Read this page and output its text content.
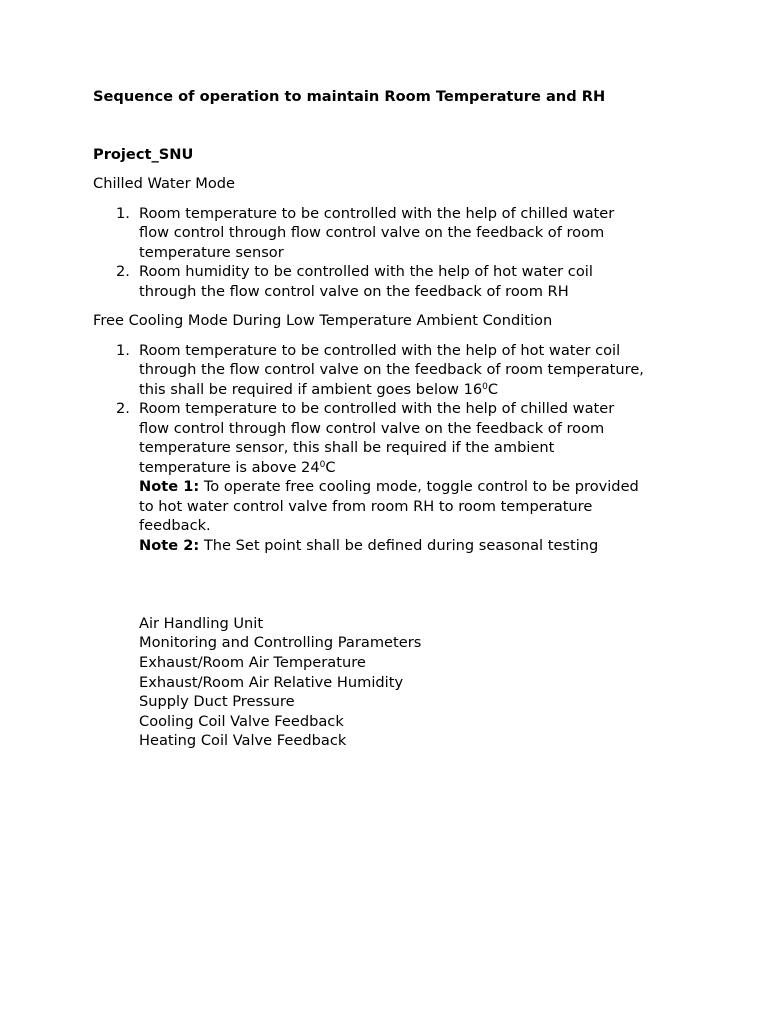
Sequence of operation to maintain Room Temperature and RH
Project_SNU
Chilled Water Mode
1. Room temperature to be controlled with the help of chilled water
flow control through flow control valve on the feedback of room
temperature sensor
2. Room humidity to be controlled with the help of hot water coil
through the flow control valve on the feedback of room RH
Free Cooling Mode During Low Temperature Ambient Condition
1. Room temperature to be controlled with the help of hot water coil
through the flow control valve on the feedback of room temperature,
this shall be required if ambient goes below $16^0C$
2. Room temperature to be controlled with the help of chilled water
flow control through flow control valve on the feedback of room
temperature sensor, this shall be required if the ambient
temperature is above $24^0C$
Note 1: To operate free cooling mode, toggle control to be provided
to hot water control valve from room RH to room temperature
feedback.
Note 2: The Set point shall be defined during seasonal testing
Air Handling Unit
Monitoring and Controlling Parameters
Exhaust/Room Air Temperature
Exhaust/Room Air Relative Humidity
Supply Duct Pressure
Cooling Coil Valve Feedback
Heating Coil Valve Feedback
